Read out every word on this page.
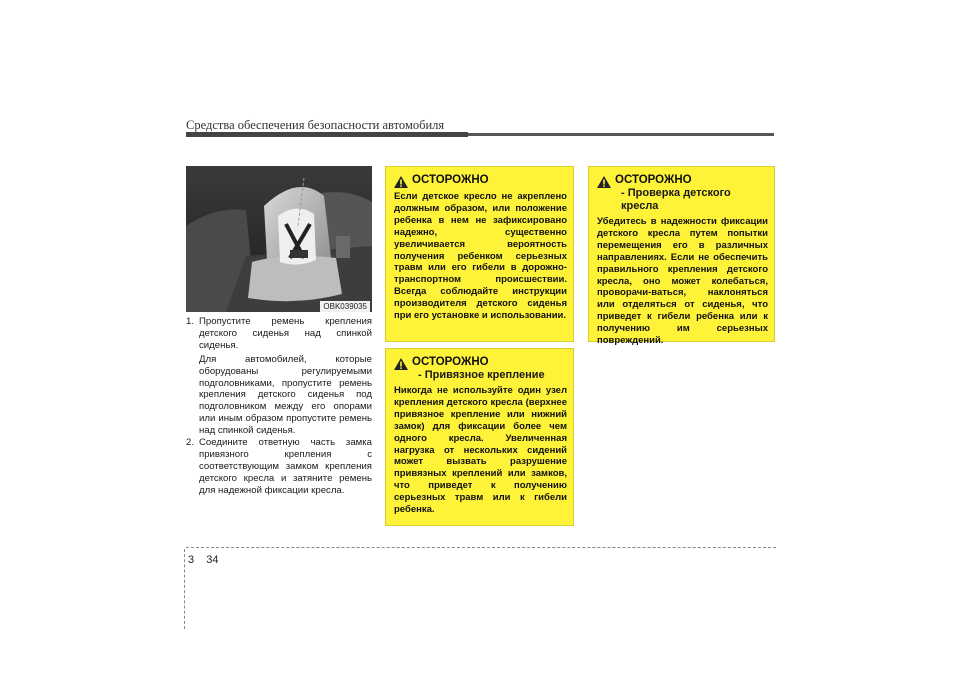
Средства обеспечения безопасности автомобиля
OBK039035
1. Пропустите ремень крепления детского сиденья над спинкой сиденья.

Для автомобилей, которые оборудованы регулируемыми подголовниками, пропустите ремень крепления детского сиденья под подголовником между его опорами или иным образом пропустите ремень над спинкой сиденья.

2. Соедините ответную часть замка привязного крепления с соответствующим замком крепления детского кресла и затяните ремень для надежной фиксации кресла.

ОСТОРОЖНО
Если детское кресло не акреплено должным образом, или положение ребенка в нем не зафиксировано надежно, существенно увеличивается вероятность получения ребенком серьезных травм или его гибели в дорожно-транспортном происшествии. Всегда соблюдайте инструкции производителя детского сиденья при его установке и использовании.
ОСТОРОЖНО
- Привязное крепление
Никогда не используйте один узел крепления детского кресла (верхнее привязное крепление или нижний замок) для фиксации более чем одного кресла. Увеличенная нагрузка от нескольких сидений может вызвать разрушение привязных креплений или замков, что приведет к получению серьезных травм или к гибели ребенка.
ОСТОРОЖНО
- Проверка детского кресла
Убедитесь в надежности фиксации детского кресла путем попытки перемещения его в различных направлениях. Если не обеспечить правильного крепления детского кресла, оно может колебаться, проворачи-ваться, наклоняться или отделяться от сиденья, что приведет к гибели ребенка или к получению им серьезных повреждений.
3 34
